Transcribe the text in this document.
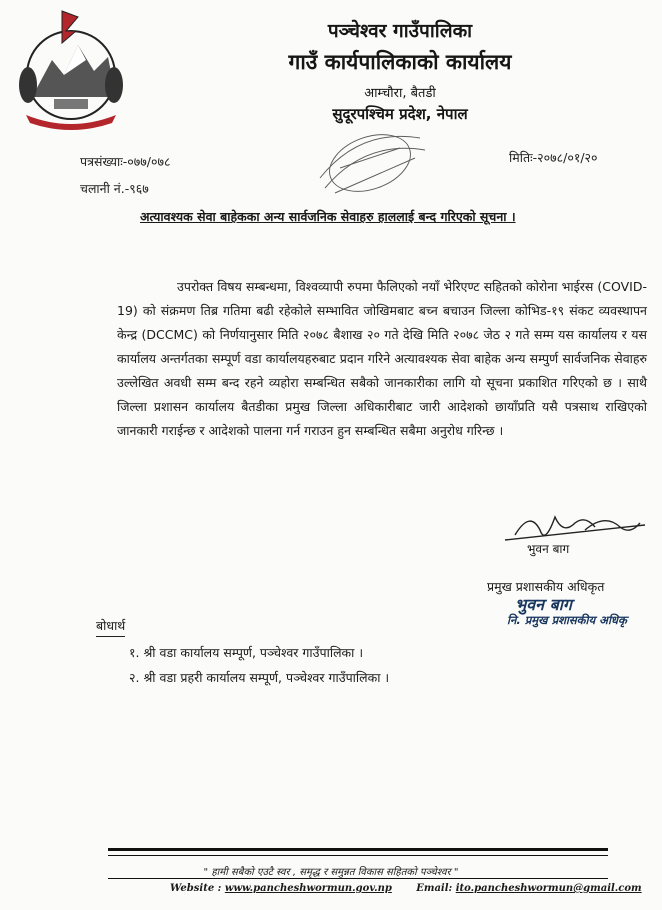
पञ्चेश्वर गाउँपालिका
गाउँ कार्यपालिकाको कार्यालय
आम्चौरा, बैतडी
सुदूरपश्चिम प्रदेश, नेपाल
पत्रसंख्याः-०७७/०७८
चलानी नं.-९६७
मितिः-२०७८/०१/२०
अत्यावश्यक सेवा बाहेकका अन्य सार्वजनिक सेवाहरु हाललाई बन्द गरिएको सूचना ।
उपरोक्त विषय सम्बन्धमा, विश्वव्यापी रुपमा फैलिएको नयाँ भेरिएण्ट सहितको कोरोना भाईरस (COVID-19) को संक्रमण तिब्र गतिमा बढी रहेकोले सम्भावित जोखिमबाट बच्न बचाउन जिल्ला कोभिड-१९ संकट व्यवस्थापन केन्द्र (DCCMC) को निर्णयानुसार मिति २०७८ बैशाख २० गते देखि मिति २०७८ जेठ २ गते सम्म यस कार्यालय र यस कार्यालय अन्तर्गतका सम्पूर्ण वडा कार्यालयहरुबाट प्रदान गरिने अत्यावश्यक सेवा बाहेक अन्य सम्पुर्ण सार्वजनिक सेवाहरु उल्लेखित अवधी सम्म बन्द रहने व्यहोरा सम्बन्धित सबैको जानकारीका लागि यो सूचना प्रकाशित गरिएको छ । साथै जिल्ला प्रशासन कार्यालय बैतडीका प्रमुख जिल्ला अधिकारीबाट जारी आदेशको छायाँप्रति यसै पत्रसाथ राखिएको जानकारी गराईन्छ र आदेशको पालना गर्न गराउन हुन सम्बन्धित सबैमा अनुरोध गरिन्छ ।
भुवन बाग
प्रमुख प्रशासकीय अधिकृत
भुवन बाग
नि. प्रमुख प्रशासकीय अधिकृ
बोधार्थ
१. श्री वडा कार्यालय सम्पूर्ण, पञ्चेश्वर गाउँपालिका ।
२. श्री वडा प्रहरी कार्यालय सम्पूर्ण, पञ्चेश्वर गाउँपालिका ।
" हामी सबैको एउटै स्वर , समृद्ध र समुन्नत विकास सहितको पञ्चेश्वर "
Website : www.pancheshwormun.gov.np Email: ito.pancheshwormun@gmail.com
